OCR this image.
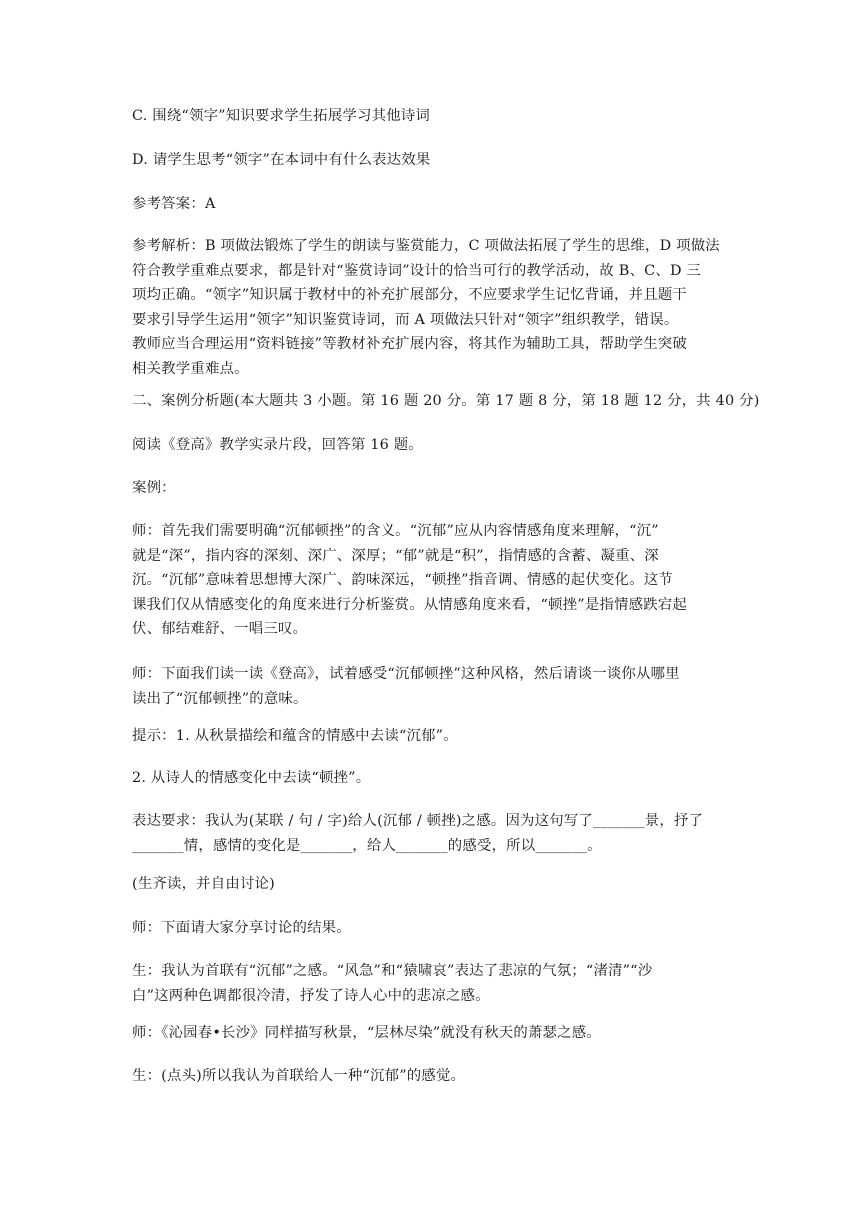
C. 围绕“领字”知识要求学生拓展学习其他诗词

D. 请学生思考“领字”在本词中有什么表达效果

参考答案：A

参考解析：B 项做法锻炼了学生的朗读与鉴赏能力，C 项做法拓展了学生的思维，D 项做法
符合教学重难点要求，都是针对“鉴赏诗词”设计的恰当可行的教学活动，故 B、C、D 三
项均正确。“领字”知识属于教材中的补充扩展部分，不应要求学生记忆背诵，并且题干
要求引导学生运用“领字”知识鉴赏诗词，而 A 项做法只针对“领字”组织教学，错误。
教师应当合理运用“资料链接”等教材补充扩展内容，将其作为辅助工具，帮助学生突破
相关教学重难点。

二、案例分析题(本大题共 3 小题。第 16 题 20 分。第 17 题 8 分，第 18 题 12 分，共 40 分)

阅读《登高》教学实录片段，回答第 16 题。

案例：

师：首先我们需要明确“沉郁顿挫”的含义。“沉郁”应从内容情感角度来理解，“沉”
就是“深”，指内容的深刻、深广、深厚；“郁”就是“积”，指情感的含蓄、凝重、深
沉。“沉郁”意味着思想博大深广、韵味深远，“顿挫”指音调、情感的起伏变化。这节
课我们仅从情感变化的角度来进行分析鉴赏。从情感角度来看，“顿挫”是指情感跌宕起
伏、郁结难舒、一唱三叹。

师：下面我们读一读《登高》，试着感受“沉郁顿挫”这种风格，然后请谈一谈你从哪里
读出了“沉郁顿挫”的意味。

提示：1. 从秋景描绘和蕴含的情感中去读“沉郁”。

2. 从诗人的情感变化中去读“顿挫”。

表达要求：我认为(某联 / 句 / 字)给人(沉郁 / 顿挫)之感。因为这句写了_______景，抒了
_______情，感情的变化是_______，给人_______的感受，所以_______。

(生齐读，并自由讨论)

师：下面请大家分享讨论的结果。

生：我认为首联有“沉郁”之感。“风急”和“猿啸哀”表达了悲凉的气氛；“渚清”“沙
白”这两种色调都很冷清，抒发了诗人心中的悲凉之感。

师：《沁园春•长沙》同样描写秋景，“层林尽染”就没有秋天的萧瑟之感。

生：(点头)所以我认为首联给人一种“沉郁”的感觉。
